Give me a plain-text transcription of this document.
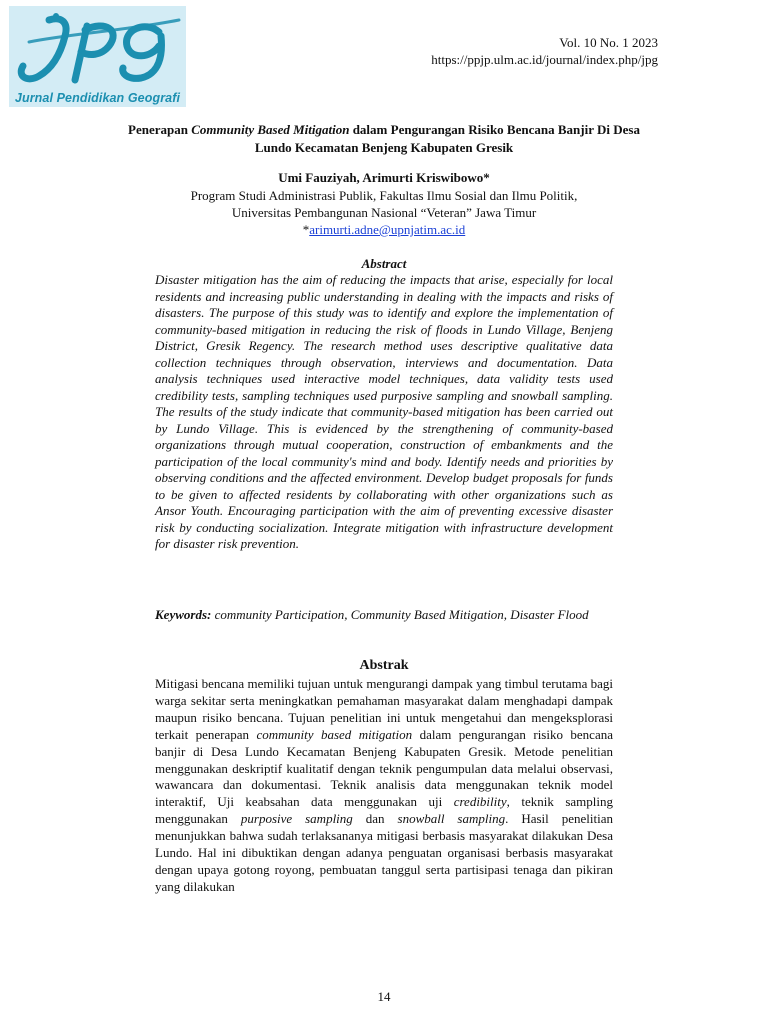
JPG
Jurnal Pendidikan Geografi
Vol. 10 No. 1 2023
https://ppjp.ulm.ac.id/journal/index.php/jpg
Penerapan Community Based Mitigation dalam Pengurangan Risiko Bencana Banjir Di Desa Lundo Kecamatan Benjeng Kabupaten Gresik
Umi Fauziyah, Arimurti Kriswibowo*
Program Studi Administrasi Publik, Fakultas Ilmu Sosial dan Ilmu Politik,
Universitas Pembangunan Nasional “Veteran” Jawa Timur
*arimurti.adne@upnjatim.ac.id
Abstract

Disaster mitigation has the aim of reducing the impacts that arise, especially for local residents and increasing public understanding in dealing with the impacts and risks of disasters. The purpose of this study was to identify and explore the implementation of community-based mitigation in reducing the risk of floods in Lundo Village, Benjeng District, Gresik Regency. The research method uses descriptive qualitative data collection techniques through observation, interviews and documentation. Data analysis techniques used interactive model techniques, data validity tests used credibility tests, sampling techniques used purposive sampling and snowball sampling. The results of the study indicate that community-based mitigation has been carried out by Lundo Village. This is evidenced by the strengthening of community-based organizations through mutual cooperation, construction of embankments and the participation of the local community's mind and body. Identify needs and priorities by observing conditions and the affected environment. Develop budget proposals for funds to be given to affected residents by collaborating with other organizations such as Ansor Youth. Encouraging participation with the aim of preventing excessive disaster risk by conducting socialization. Integrate mitigation with infrastructure development for disaster risk prevention.

Keywords: community Participation, Community Based Mitigation, Disaster Flood

Abstrak

Mitigasi bencana memiliki tujuan untuk mengurangi dampak yang timbul terutama bagi warga sekitar serta meningkatkan pemahaman masyarakat dalam menghadapi dampak maupun risiko bencana. Tujuan penelitian ini untuk mengetahui dan mengeksplorasi terkait penerapan community based mitigation dalam pengurangan risiko bencana banjir di Desa Lundo Kecamatan Benjeng Kabupaten Gresik. Metode penelitian menggunakan deskriptif kualitatif dengan teknik pengumpulan data melalui observasi, wawancara dan dokumentasi. Teknik analisis data menggunakan teknik model interaktif, Uji keabsahan data menggunakan uji credibility, teknik sampling menggunakan purposive sampling dan snowball sampling. Hasil penelitian menunjukkan bahwa sudah terlaksananya mitigasi berbasis masyarakat dilakukan Desa Lundo. Hal ini dibuktikan dengan adanya penguatan organisasi berbasis masyarakat dengan upaya gotong royong, pembuatan tanggul serta partisipasi tenaga dan pikiran yang dilakukan

14
